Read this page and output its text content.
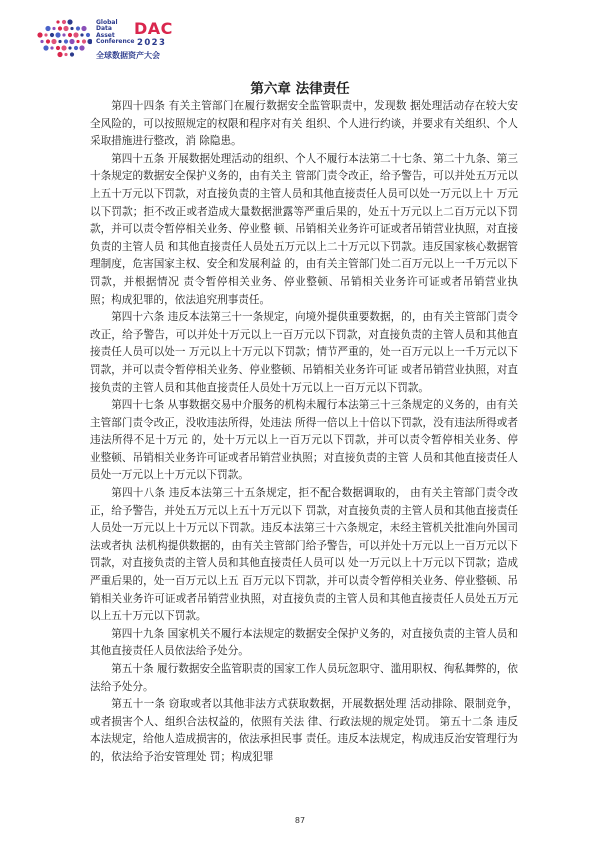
Global
Data
Asset
Conference
DAC
2023
全球数据资产大会
第六章 法律责任

第四十四条 有关主管部门在履行数据安全监管职责中，发现数 据处理活动存在较大安全风险的，可以按照规定的权限和程序对有关 组织、个人进行约谈，并要求有关组织、个人采取措施进行整改，消 除隐患。

第四十五条 开展数据处理活动的组织、个人不履行本法第二十七条、第二十九条、第三十条规定的数据安全保护义务的，由有关主 管部门责令改正，给予警告，可以并处五万元以上五十万元以下罚款，对直接负责的主管人员和其他直接责任人员可以处一万元以上十 万元以下罚款；拒不改正或者造成大量数据泄露等严重后果的，处五十万元以上二百万元以下罚款，并可以责令暂停相关业务、停业整 顿、吊销相关业务许可证或者吊销营业执照，对直接负责的主管人员 和其他直接责任人员处五万元以上二十万元以下罚款。违反国家核心数据管理制度，危害国家主权、安全和发展利益 的，由有关主管部门处二百万元以上一千万元以下罚款，并根据情况 责令暂停相关业务、停业整顿、吊销相关业务许可证或者吊销营业执 照；构成犯罪的，依法追究刑事责任。

第四十六条 违反本法第三十一条规定，向境外提供重要数据，的，由有关主管部门责令改正，给予警告，可以并处十万元以上一百万元以下罚款，对直接负责的主管人员和其他直接责任人员可以处一 万元以上十万元以下罚款；情节严重的，处一百万元以上一千万元以下罚款，并可以责令暂停相关业务、停业整顿、吊销相关业务许可证 或者吊销营业执照，对直接负责的主管人员和其他直接责任人员处十万元以上一百万元以下罚款。

第四十七条 从事数据交易中介服务的机构未履行本法第三十三条规定的义务的，由有关主管部门责令改正，没收违法所得，处违法 所得一倍以上十倍以下罚款，没有违法所得或者违法所得不足十万元 的，处十万元以上一百万元以下罚款，并可以责令暂停相关业务、停 业整顿、吊销相关业务许可证或者吊销营业执照；对直接负责的主管 人员和其他直接责任人员处一万元以上十万元以下罚款。

第四十八条 违反本法第三十五条规定，拒不配合数据调取的， 由有关主管部门责令改正，给予警告，并处五万元以上五十万元以下 罚款，对直接负责的主管人员和其他直接责任人员处一万元以上十万元以下罚款。违反本法第三十六条规定，未经主管机关批准向外国司法或者执 法机构提供数据的，由有关主管部门给予警告，可以并处十万元以上一百万元以下罚款，对直接负责的主管人员和其他直接责任人员可以 处一万元以上十万元以下罚款；造成严重后果的，处一百万元以上五 百万元以下罚款，并可以责令暂停相关业务、停业整顿、吊销相关业务许可证或者吊销营业执照，对直接负责的主管人员和其他直接责任人员处五万元以上五十万元以下罚款。

第四十九条 国家机关不履行本法规定的数据安全保护义务的，对直接负责的主管人员和其他直接责任人员依法给予处分。

第五十条 履行数据安全监管职责的国家工作人员玩忽职守、滥用职权、徇私舞弊的，依法给予处分。

第五十一条 窃取或者以其他非法方式获取数据，开展数据处理 活动排除、限制竞争，或者损害个人、组织合法权益的，依照有关法 律、行政法规的规定处罚。 第五十二条 违反本法规定，给他人造成损害的，依法承担民事 责任。违反本法规定，构成违反治安管理行为的，依法给予治安管理处 罚；构成犯罪

87
